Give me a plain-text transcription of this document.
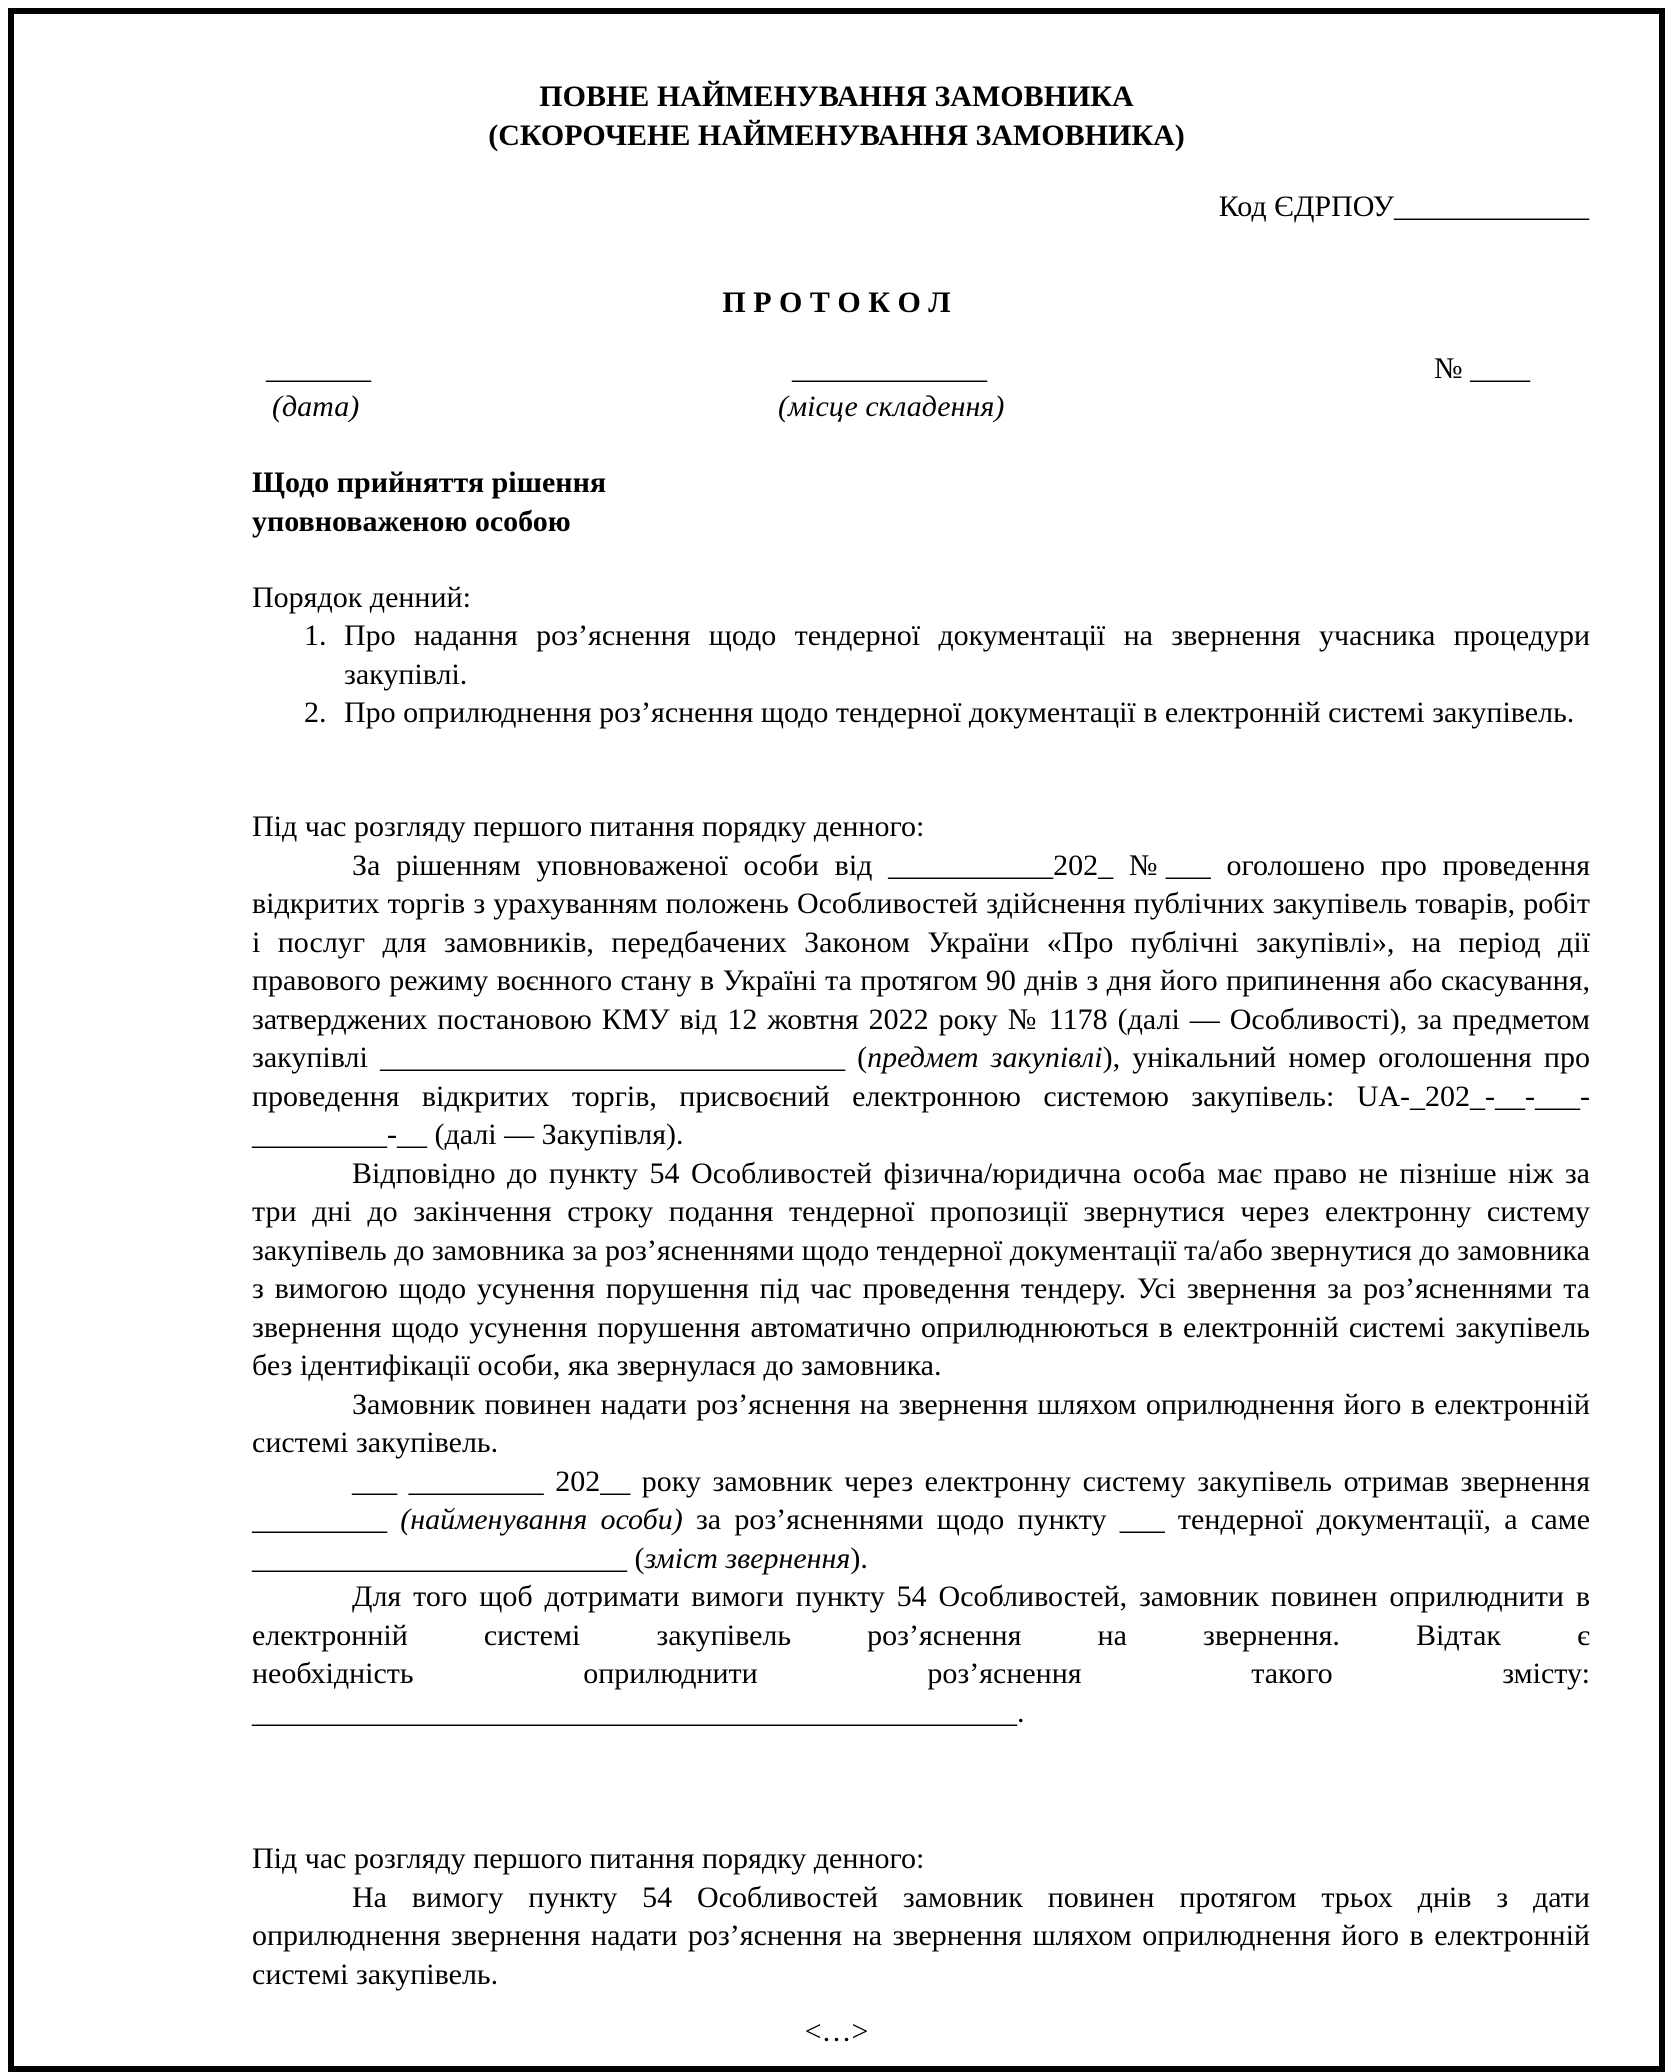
ПОВНЕ НАЙМЕНУВАННЯ ЗАМОВНИКА
(СКОРОЧЕНЕ НАЙМЕНУВАННЯ ЗАМОВНИКА)
Код ЄДРПОУ_____________
П Р О Т О К О Л
_______
(дата)
_____________
(місце складення)
№ ____
Щодо прийняття рішення
уповноваженою особою
Порядок денний:
1. Про надання роз’яснення щодо тендерної документації на звернення учасника процедури закупівлі.
2. Про оприлюднення роз’яснення щодо тендерної документації в електронній системі закупівель.
Під час розгляду першого питання порядку денного:
За рішенням уповноваженої особи від ___________202_ №___ оголошено про проведення відкритих торгів з урахуванням положень Особливостей здійснення публічних закупівель товарів, робіт і послуг для замовників, передбачених Законом України «Про публічні закупівлі», на період дії правового режиму воєнного стану в Україні та протягом 90 днів з дня його припинення або скасування, затверджених постановою КМУ від 12 жовтня 2022 року № 1178 (далі — Особливості), за предметом закупівлі _______________________________ (предмет закупівлі), унікальний номер оголошення про проведення відкритих торгів, присвоєний електронною системою закупівель: UA-_202_-__-___-_________-__ (далі — Закупівля).
Відповідно до пункту 54 Особливостей фізична/юридична особа має право не пізніше ніж за три дні до закінчення строку подання тендерної пропозиції звернутися через електронну систему закупівель до замовника за роз’ясненнями щодо тендерної документації та/або звернутися до замовника з вимогою щодо усунення порушення під час проведення тендеру. Усі звернення за роз’ясненнями та звернення щодо усунення порушення автоматично оприлюднюються в електронній системі закупівель без ідентифікації особи, яка звернулася до замовника.
Замовник повинен надати роз’яснення на звернення шляхом оприлюднення його в електронній системі закупівель.
___ _________ 202__ року замовник через електронну систему закупівель отримав звернення _________ (найменування особи) за роз’ясненнями щодо пункту ___ тендерної документації, а саме _________________________ (зміст звернення).
Для того щоб дотримати вимоги пункту 54 Особливостей, замовник повинен оприлюднити в електронній системі закупівель роз’яснення на звернення. Відтак є
необхідність	оприлюднити	роз’яснення	такого	змісту:
___________________________________________________.
Під час розгляду першого питання порядку денного:
На вимогу пункту 54 Особливостей замовник повинен протягом трьох днів з дати оприлюднення звернення надати роз’яснення на звернення шляхом оприлюднення його в електронній системі закупівель.
<…>
